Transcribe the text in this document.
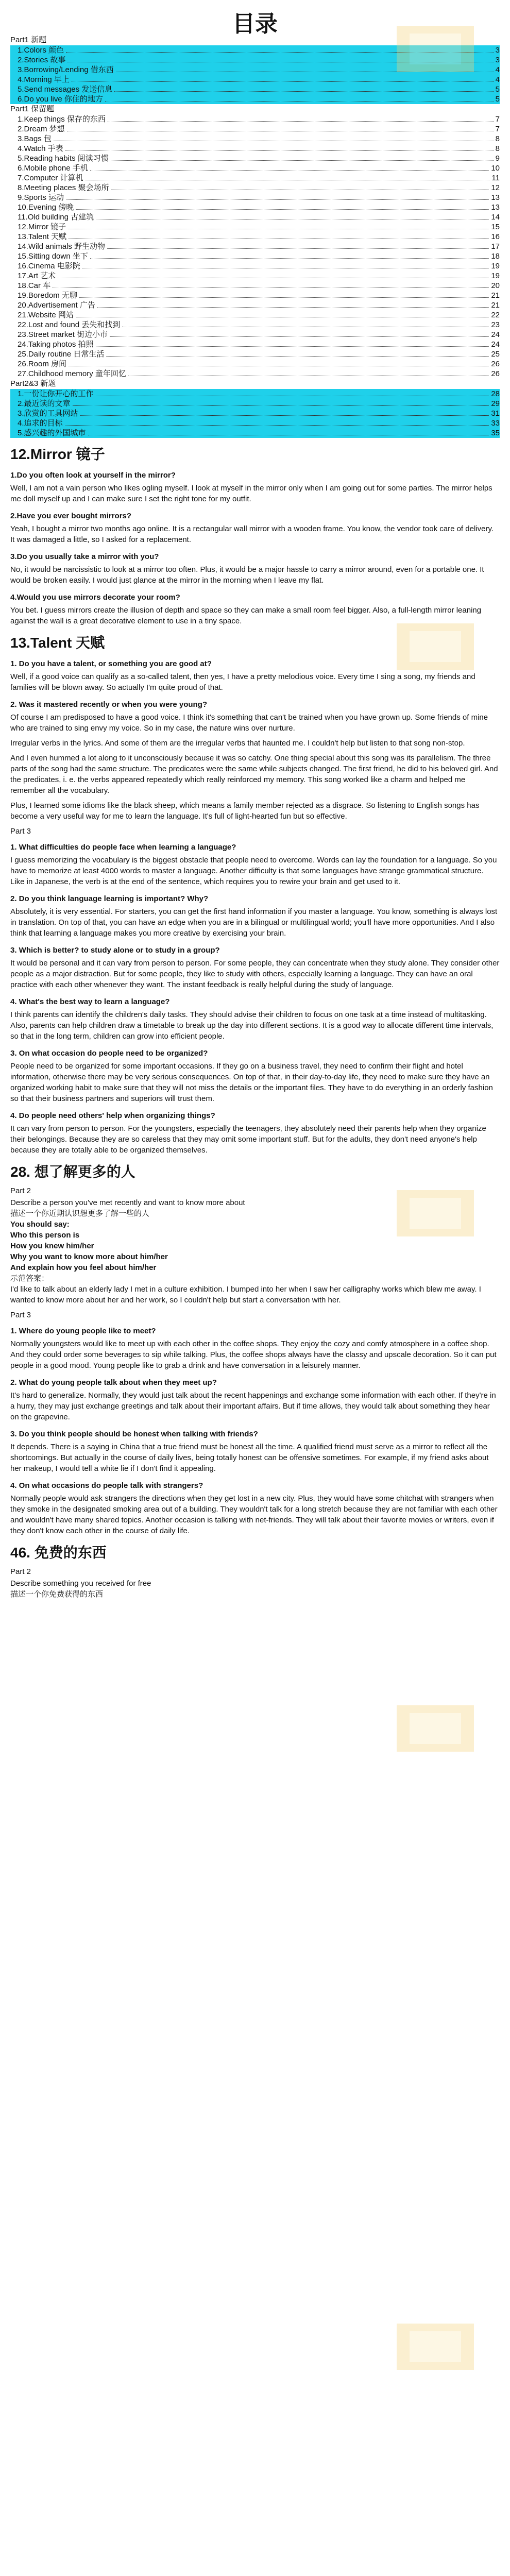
目录
Part1 新题
1.Colors 颜色	3
2.Stories 故事	3
3.Borrowing/Lending 借东西	4
4.Morning 早上	4
5.Send messages 发送信息	5
6.Do you live 你住的地方	5
Part1 保留题
1.Keep things 保存的东西	7
2.Dream 梦想	7
3.Bags 包	8
4.Watch 手表	8
5.Reading habits 阅读习惯	9
6.Mobile phone 手机	10
7.Computer 计算机	11
8.Meeting places 聚会场所	12
9.Sports 运动	13
10.Evening 傍晚	13
11.Old building 古建筑	14
12.Mirror 镜子	15
13.Talent 天赋	16
14.Wild animals 野生动物	17
15.Sitting down 坐下	18
16.Cinema 电影院	19
17.Art 艺术	19
18.Car 车	20
19.Boredom 无聊	21
20.Advertisement 广告	21
21.Website 网站	22
22.Lost and found 丢失和找到	23
23.Street market 街边小市	24
24.Taking photos 拍照	24
25.Daily routine 日常生活	25
26.Room 房间	26
27.Childhood memory 童年回忆	26
Part2&3 新题
1.一份让你开心的工作	28
2.最近读的文章	29
3.欣赏的工具网站	31
4.追求的目标	33
5.感兴趣的外国城市	35
12.Mirror 镜子
1.Do you often look at yourself in the mirror?

Well, I am not a vain person who likes ogling myself. I look at myself in the mirror only when I am going out for some parties. The mirror helps me doll myself up and I can make sure I set the right tone for my outfit.

2.Have you ever bought mirrors?

Yeah, I bought a mirror two months ago online. It is a rectangular wall mirror with a wooden frame. You know, the vendor took care of delivery. It was damaged a little, so I asked for a replacement.

3.Do you usually take a mirror with you?

No, it would be narcissistic to look at a mirror too often. Plus, it would be a major hassle to carry a mirror around, even for a portable one. It would be broken easily. I would just glance at the mirror in the morning when I leave my flat.

4.Would you use mirrors decorate your room?

You bet. I guess mirrors create the illusion of depth and space so they can make a small room feel bigger. Also, a full-length mirror leaning against the wall is a great decorative element to use in a tiny space.

13.Talent 天赋
1. Do you have a talent, or something you are good at?

Well, if a good voice can qualify as a so-called talent, then yes, I have a pretty melodious voice. Every time I sing a song, my friends and families will be blown away. So actually I'm quite proud of that.

2. Was it mastered recently or when you were young?

Of course I am predisposed to have a good voice. I think it's something that can't be trained when you have grown up. Some friends of mine who are trained to sing envy my voice. So in my case, the nature wins over nurture.

Irregular verbs in the lyrics. And some of them are the irregular verbs that haunted me. I couldn't help but listen to that song non-stop.

And I even hummed a lot along to it unconsciously because it was so catchy. One thing special about this song was its parallelism. The three parts of the song had the same structure. The predicates were the same while subjects changed. The first friend, he did to his beloved girl. And the predicates, i. e. the verbs appeared repeatedly which really reinforced my memory. This song worked like a charm and helped me remember all the vocabulary.

Plus, I learned some idioms like the black sheep, which means a family member rejected as a disgrace. So listening to English songs has become a very useful way for me to learn the language. It's full of light-hearted fun but so effective.

Part 3
1. What difficulties do people face when learning a language?

I guess memorizing the vocabulary is the biggest obstacle that people need to overcome. Words can lay the foundation for a language. So you have to memorize at least 4000 words to master a language. Another difficulty is that some languages have strange grammatical structure. Like in Japanese, the verb is at the end of the sentence, which requires you to rewire your brain and get used to it.

2. Do you think language learning is important? Why?

Absolutely, it is very essential. For starters, you can get the first hand information if you master a language. You know, something is always lost in translation. On top of that, you can have an edge when you are in a bilingual or multilingual world; you'll have more opportunities. And I also think that learning a language makes you more creative by exercising your brain.

3. Which is better? to study alone or to study in a group?

It would be personal and it can vary from person to person. For some people, they can concentrate when they study alone. They consider other people as a major distraction. But for some people, they like to study with others, especially learning a language. They can have an oral practice with each other whenever they want. The instant feedback is really helpful during the study of language.

4. What's the best way to learn a language?

I think parents can identify the children's daily tasks. They should advise their children to focus on one task at a time instead of multitasking. Also, parents can help children draw a timetable to break up the day into different sections. It is a good way to allocate different time intervals, so that in the long term, children can grow into efficient people.

3. On what occasion do people need to be organized?

People need to be organized for some important occasions. If they go on a business travel, they need to confirm their flight and hotel information, otherwise there may be very serious consequences. On top of that, in their day-to-day life, they need to make sure they have an organized working habit to make sure that they will not miss the details or the important files. They have to do everything in an orderly fashion so that their business partners and superiors will trust them.

4. Do people need others' help when organizing things?

It can vary from person to person. For the youngsters, especially the teenagers, they absolutely need their parents help when they organize their belongings. Because they are so careless that they may omit some important stuff. But for the adults, they don't need anyone's help because they are totally able to be organized themselves.

28. 想了解更多的人
Part 2
Describe a person you've met recently and want to know more about
描述一个你近期认识想更多了解一些的人
You should say:
Who this person is
How you knew him/her
Why you want to know more about him/her
And explain how you feel about him/her
示范答案：

I'd like to talk about an elderly lady I met in a culture exhibition. I bumped into her when I saw her calligraphy works which blew me away. I wanted to know more about her and her work, so I couldn't help but start a conversation with her.

Part 3
1. Where do young people like to meet?

Normally youngsters would like to meet up with each other in the coffee shops. They enjoy the cozy and comfy atmosphere in a coffee shop. And they could order some beverages to sip while talking. Plus, the coffee shops always have the classy and upscale decoration. So it can put people in a good mood. Young people like to grab a drink and have conversation in a leisurely manner.

2. What do young people talk about when they meet up?

It's hard to generalize. Normally, they would just talk about the recent happenings and exchange some information with each other. If they're in a hurry, they may just exchange greetings and talk about their important affairs. But if time allows, they would talk about something they hear on the grapevine.

3. Do you think people should be honest when talking with friends?

It depends. There is a saying in China that a true friend must be honest all the time. A qualified friend must serve as a mirror to reflect all the shortcomings. But actually in the course of daily lives, being totally honest can be offensive sometimes. For example, if my friend asks about her makeup, I would tell a white lie if I don't find it appealing.

4. On what occasions do people talk with strangers?

Normally people would ask strangers the directions when they get lost in a new city. Plus, they would have some chitchat with strangers when they smoke in the designated smoking area out of a building. They wouldn't talk for a long stretch because they are not familiar with each other and wouldn't have many shared topics. Another occasion is talking with net-friends. They will talk about their favorite movies or writers, even if they don't know each other in the course of daily life.

46. 免费的东西
Part 2
Describe something you received for free
描述一个你免费获得的东西
